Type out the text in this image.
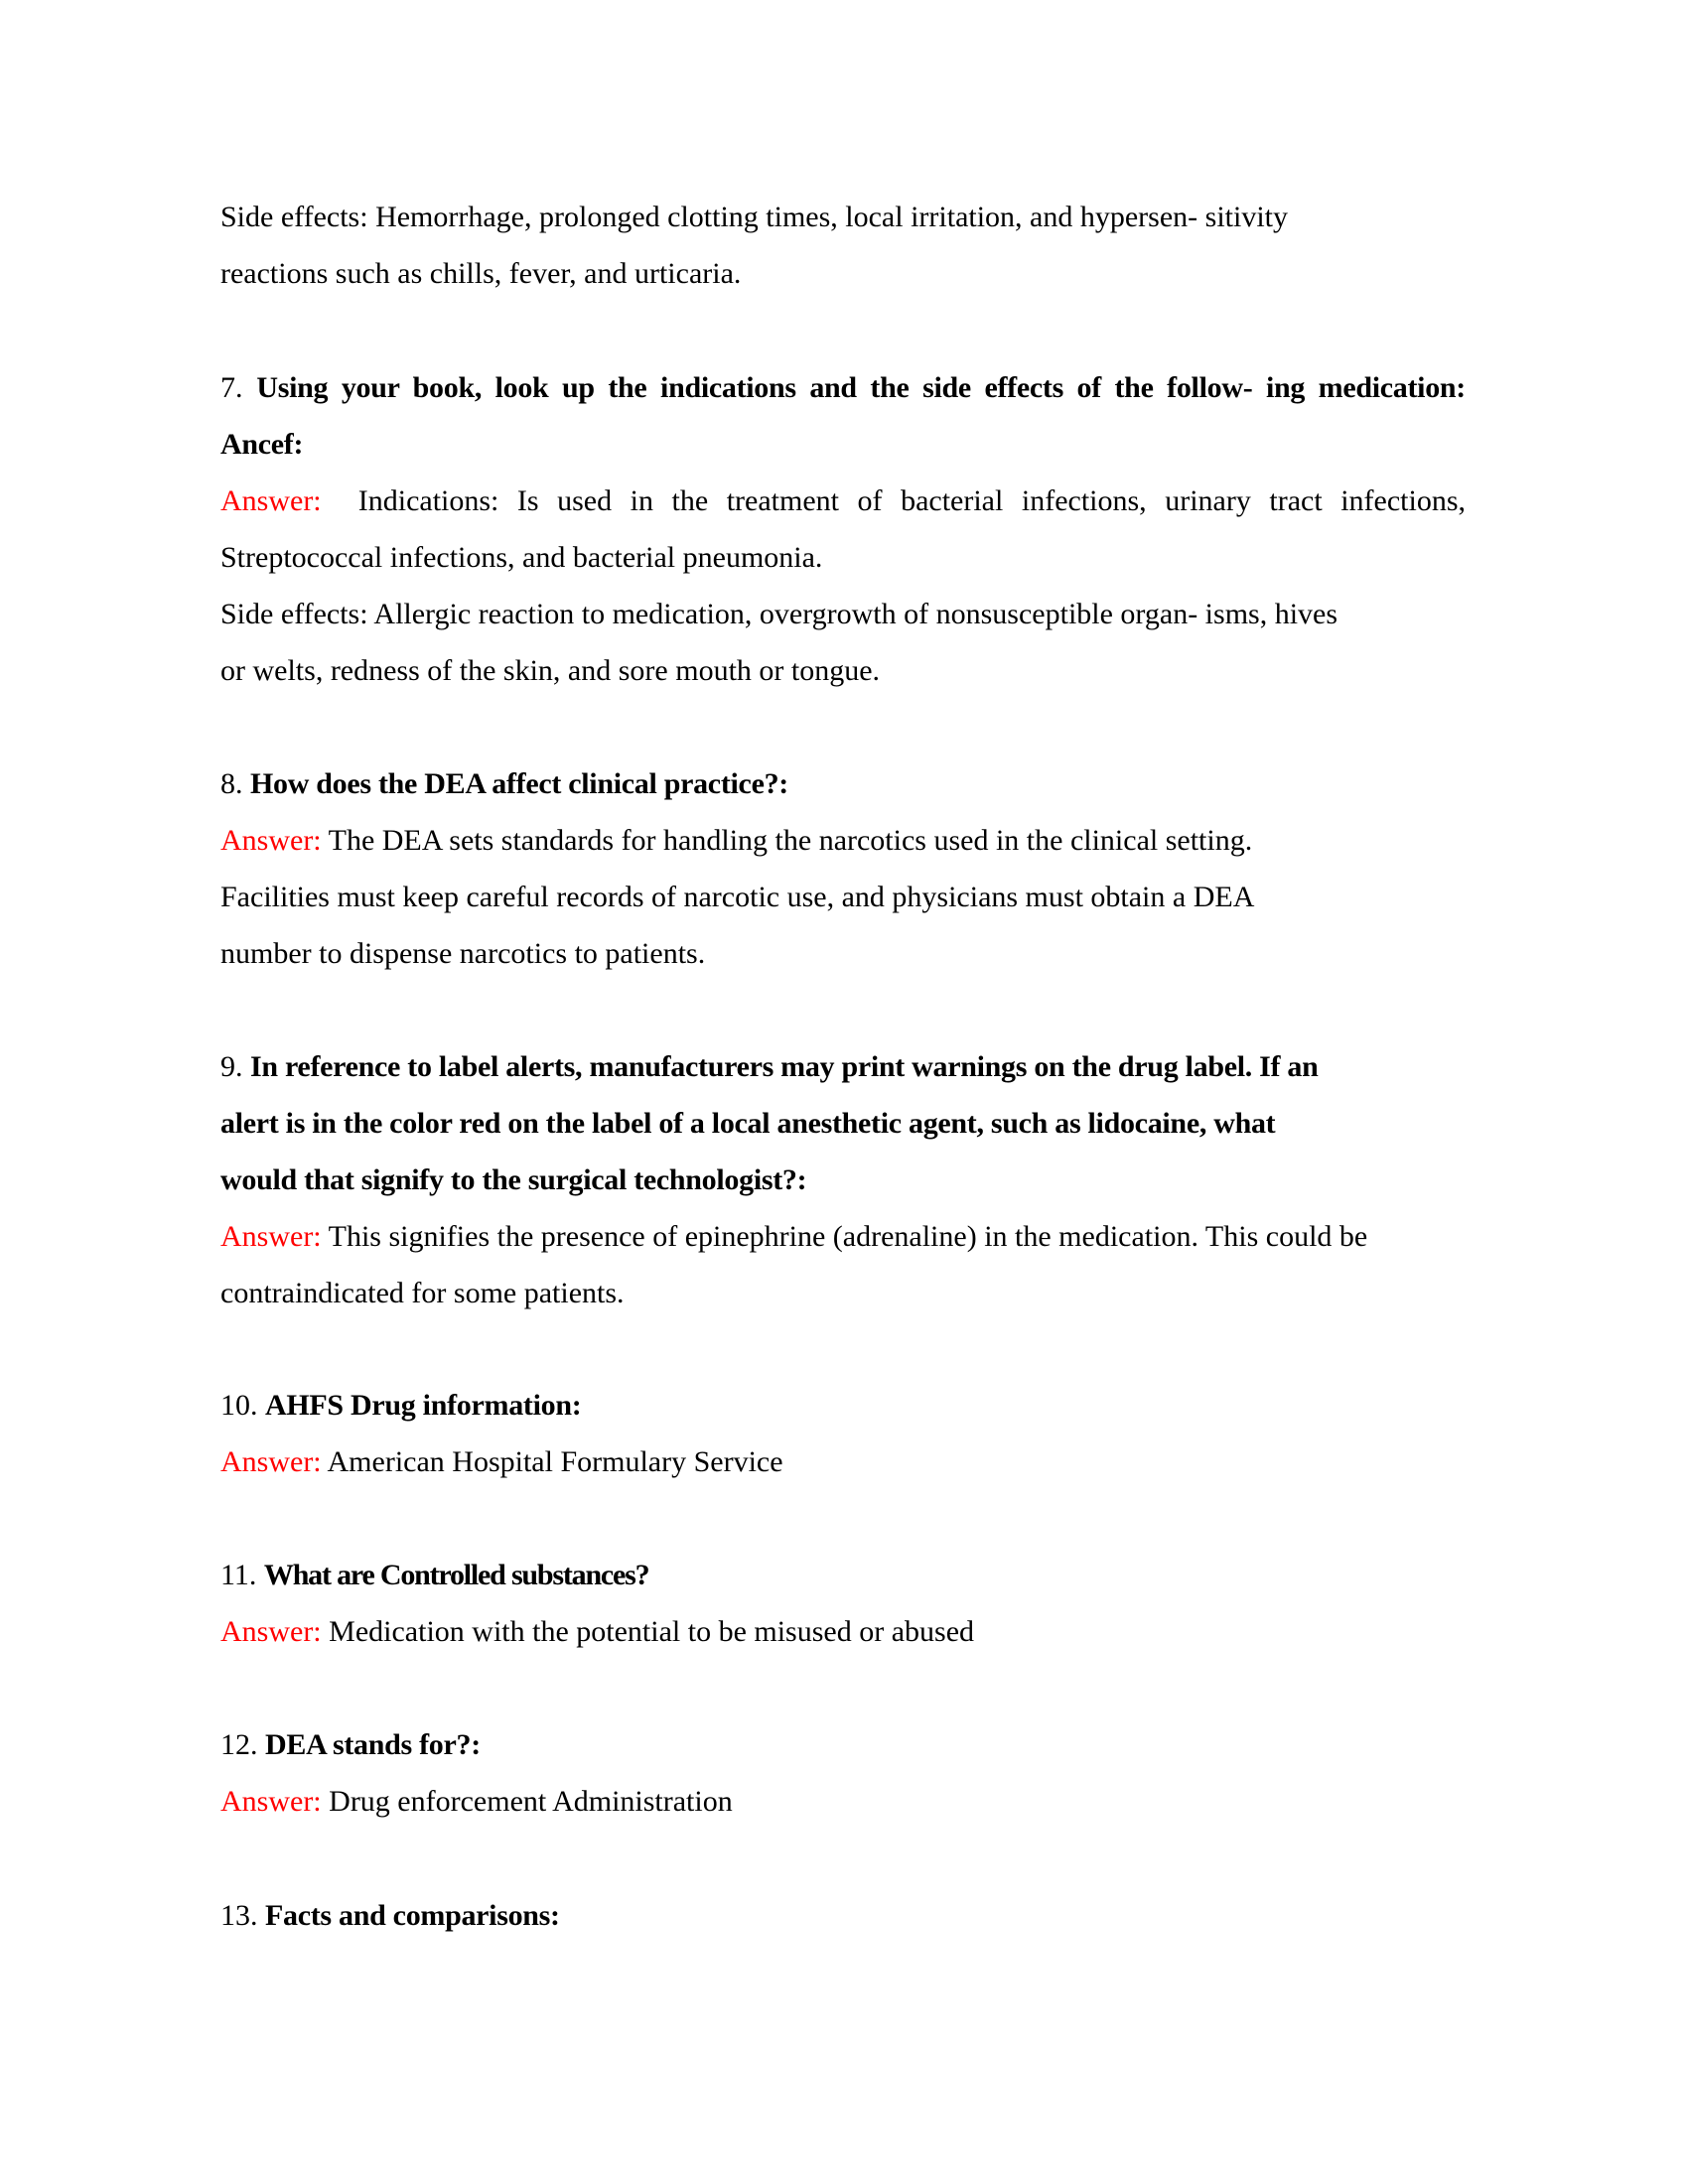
Side effects: Hemorrhage, prolonged clotting times, local irritation, and hypersen- sitivity
reactions such as chills, fever, and urticaria.
7. Using your book, look up the indications and the side effects of the follow- ing medication:
Ancef:
Answer: Indications: Is used in the treatment of bacterial infections, urinary tract infections,
Streptococcal infections, and bacterial pneumonia.
Side effects: Allergic reaction to medication, overgrowth of nonsusceptible organ- isms, hives
or welts, redness of the skin, and sore mouth or tongue.
8. How does the DEA affect clinical practice?:
Answer: The DEA sets standards for handling the narcotics used in the clinical setting.
Facilities must keep careful records of narcotic use, and physicians must obtain a DEA
number to dispense narcotics to patients.
9. In reference to label alerts, manufacturers may print warnings on the drug label. If an
alert is in the color red on the label of a local anesthetic agent, such as lidocaine, what
would that signify to the surgical technologist?:
Answer: This signifies the presence of epinephrine (adrenaline) in the medication. This could be
contraindicated for some patients.
10. AHFS Drug information:
Answer: American Hospital Formulary Service
11. What are Controlled substances?
Answer: Medication with the potential to be misused or abused
12. DEA stands for?:
Answer: Drug enforcement Administration
13. Facts and comparisons:
